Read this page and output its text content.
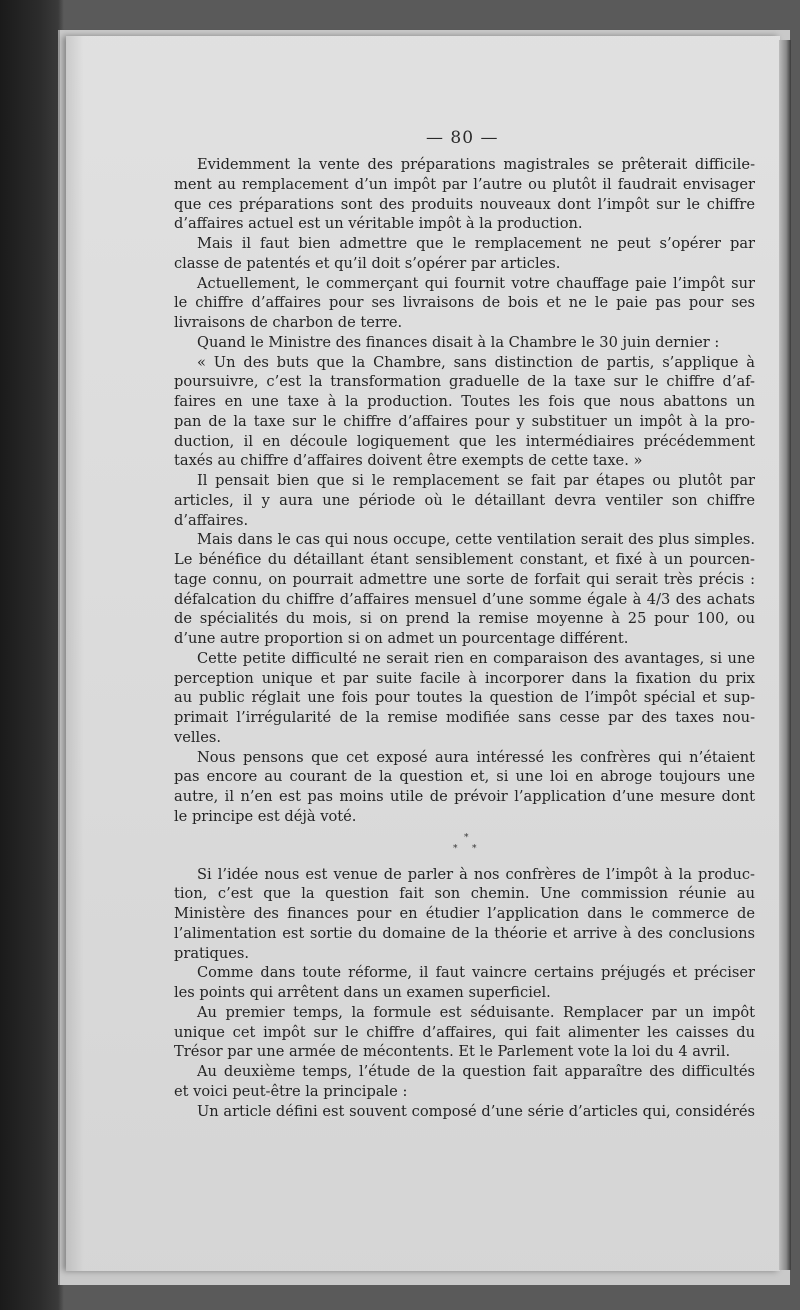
— 80 —
Evidemment la vente des préparations magistrales se prêterait difficile-
ment au remplacement d’un impôt par l’autre ou plutôt il faudrait envisager
que ces préparations sont des produits nouveaux dont l’impôt sur le chiffre
d’affaires actuel est un véritable impôt à la production.
Mais il faut bien admettre que le remplacement ne peut s’opérer par
classe de patentés et qu’il doit s’opérer par articles.
Actuellement, le commerçant qui fournit votre chauffage paie l’impôt sur
le chiffre d’affaires pour ses livraisons de bois et ne le paie pas pour ses
livraisons de charbon de terre.
Quand le Ministre des finances disait à la Chambre le 30 juin dernier :
« Un des buts que la Chambre, sans distinction de partis, s’applique à
poursuivre, c’est la transformation graduelle de la taxe sur le chiffre d’af-
faires en une taxe à la production. Toutes les fois que nous abattons un
pan de la taxe sur le chiffre d’affaires pour y substituer un impôt à la pro-
duction, il en découle logiquement que les intermédiaires précédemment
taxés au chiffre d’affaires doivent être exempts de cette taxe. »
Il pensait bien que si le remplacement se fait par étapes ou plutôt par
articles, il y aura une période où le détaillant devra ventiler son chiffre
d’affaires.
Mais dans le cas qui nous occupe, cette ventilation serait des plus simples.
Le bénéfice du détaillant étant sensiblement constant, et fixé à un pourcen-
tage connu, on pourrait admettre une sorte de forfait qui serait très précis :
défalcation du chiffre d’affaires mensuel d’une somme égale à 4/3 des achats
de spécialités du mois, si on prend la remise moyenne à 25 pour 100, ou
d’une autre proportion si on admet un pourcentage différent.
Cette petite difficulté ne serait rien en comparaison des avantages, si une
perception unique et par suite facile à incorporer dans la fixation du prix
au public réglait une fois pour toutes la question de l’impôt spécial et sup-
primait l’irrégularité de la remise modifiée sans cesse par des taxes nou-
velles.
Nous pensons que cet exposé aura intéressé les confrères qui n’étaient
pas encore au courant de la question et, si une loi en abroge toujours une
autre, il n’en est pas moins utile de prévoir l’application d’une mesure dont
le principe est déjà voté.
*
* *
Si l’idée nous est venue de parler à nos confrères de l’impôt à la produc-
tion, c’est que la question fait son chemin. Une commission réunie au
Ministère des finances pour en étudier l’application dans le commerce de
l’alimentation est sortie du domaine de la théorie et arrive à des conclusions
pratiques.
Comme dans toute réforme, il faut vaincre certains préjugés et préciser
les points qui arrêtent dans un examen superficiel.
Au premier temps, la formule est séduisante. Remplacer par un impôt
unique cet impôt sur le chiffre d’affaires, qui fait alimenter les caisses du
Trésor par une armée de mécontents. Et le Parlement vote la loi du 4 avril.
Au deuxième temps, l’étude de la question fait apparaître des difficultés
et voici peut-être la principale :
Un article défini est souvent composé d’une série d’articles qui, considérés
